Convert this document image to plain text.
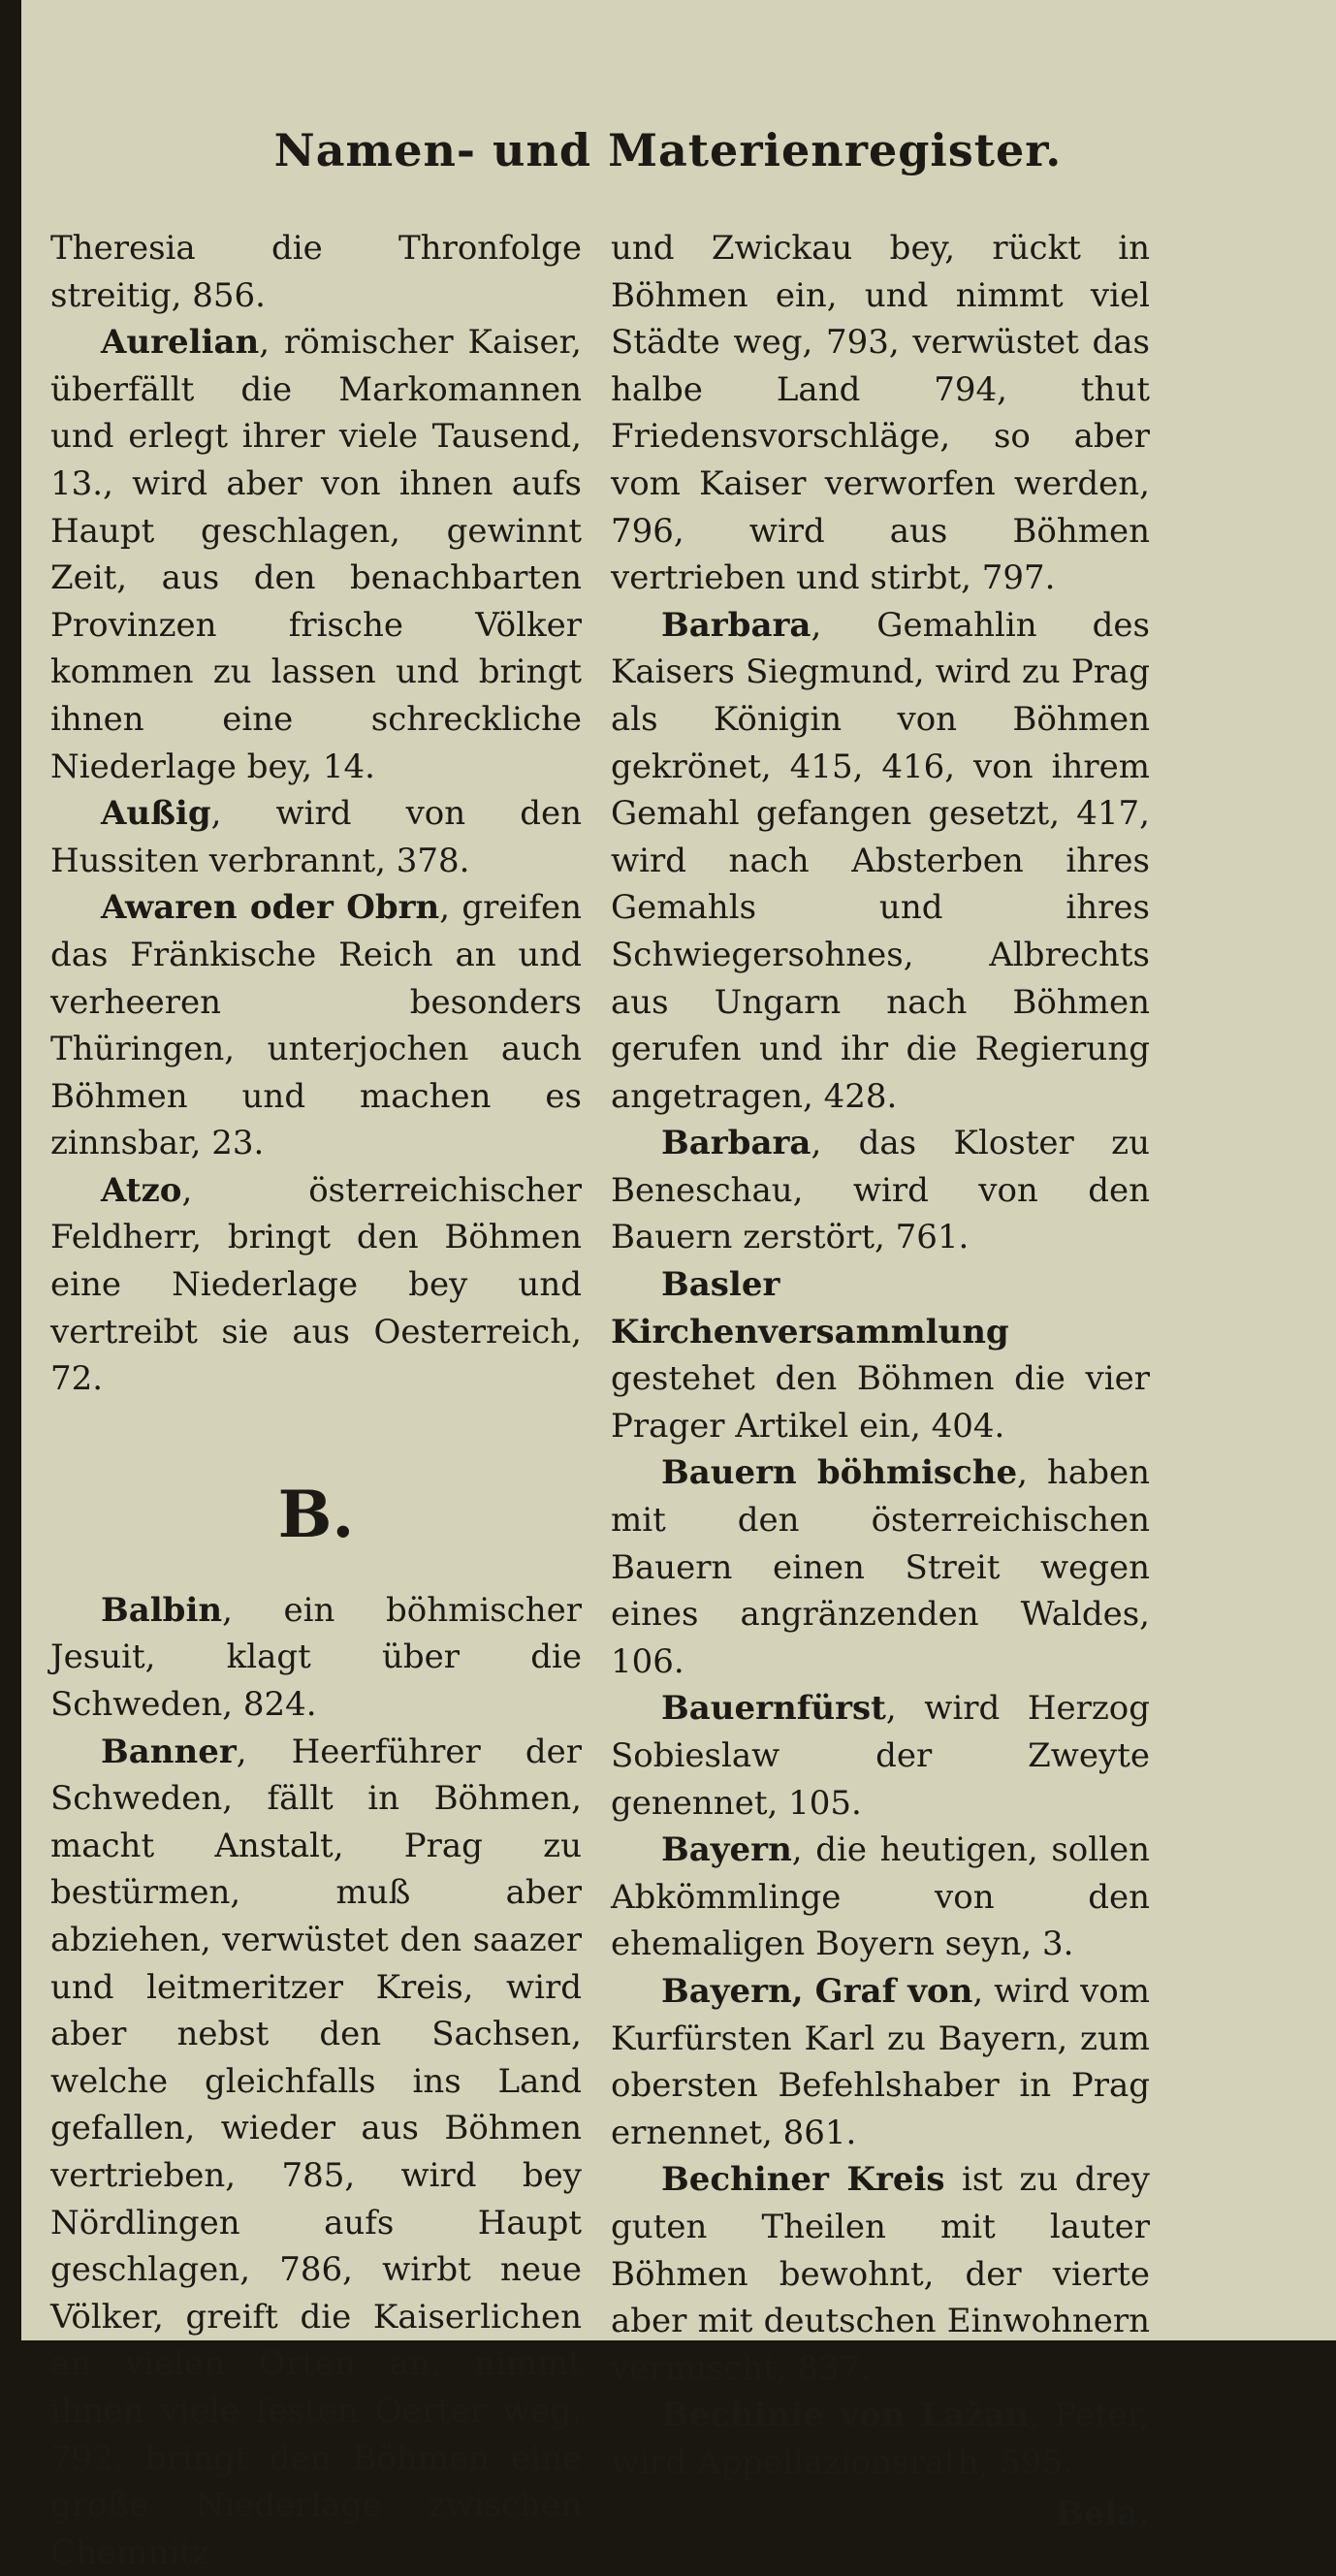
Namen- und Materienregister.

Theresia die Thronfolge streitig, 856.

Aurelian, römischer Kaiser, überfällt die Markomannen und erlegt ihrer viele Tausend, 13., wird aber von ihnen aufs Haupt geschlagen, gewinnt Zeit, aus den benachbarten Provinzen frische Völker kommen zu lassen und bringt ihnen eine schreckliche Niederlage bey, 14.

Außig, wird von den Hussiten verbrannt, 378.

Awaren oder Obrn, greifen das Fränkische Reich an und verheeren besonders Thüringen, unterjochen auch Böhmen und machen es zinnsbar, 23.

Atzo, österreichischer Feldherr, bringt den Böhmen eine Niederlage bey und vertreibt sie aus Oesterreich, 72.

B.

Balbin, ein böhmischer Jesuit, klagt über die Schweden, 824.

Banner, Heerführer der Schweden, fällt in Böhmen, macht Anstalt, Prag zu bestürmen, muß aber abziehen, verwüstet den saazer und leitmeritzer Kreis, wird aber nebst den Sachsen, welche gleichfalls ins Land gefallen, wieder aus Böhmen vertrieben, 785, wird bey Nördlingen aufs Haupt geschlagen, 786, wirbt neue Völker, greift die Kaiserlichen an vielen Orten an, nimmt ihnen viele festen Oerter weg, 792, bringt den Böhmen eine große Niederlage zwischen Chemnitz

und Zwickau bey, rückt in Böhmen ein, und nimmt viel Städte weg, 793, verwüstet das halbe Land 794, thut Friedensvorschläge, so aber vom Kaiser verworfen werden, 796, wird aus Böhmen vertrieben und stirbt, 797.

Barbara, Gemahlin des Kaisers Siegmund, wird zu Prag als Königin von Böhmen gekrönet, 415, 416, von ihrem Gemahl gefangen gesetzt, 417, wird nach Absterben ihres Gemahls und ihres Schwiegersohnes, Albrechts aus Ungarn nach Böhmen gerufen und ihr die Regierung angetragen, 428.

Barbara, das Kloster zu Beneschau, wird von den Bauern zerstört, 761.

Basler Kirchenversammlung gestehet den Böhmen die vier Prager Artikel ein, 404.

Bauern böhmische, haben mit den österreichischen Bauern einen Streit wegen eines angränzenden Waldes, 106.

Bauernfürst, wird Herzog Sobieslaw der Zweyte genennet, 105.

Bayern, die heutigen, sollen Abkömmlinge von den ehemaligen Boyern seyn, 3.

Bayern, Graf von, wird vom Kurfürsten Karl zu Bayern, zum obersten Befehlshaber in Prag ernennet, 861.

Bechiner Kreis ist zu drey guten Theilen mit lauter Böhmen bewohnt, der vierte aber mit deutschen Einwohnern vermischt, 837.

Bechinie von Lažan, Peter, wird Appellazionsrath, 595.

Bela,
